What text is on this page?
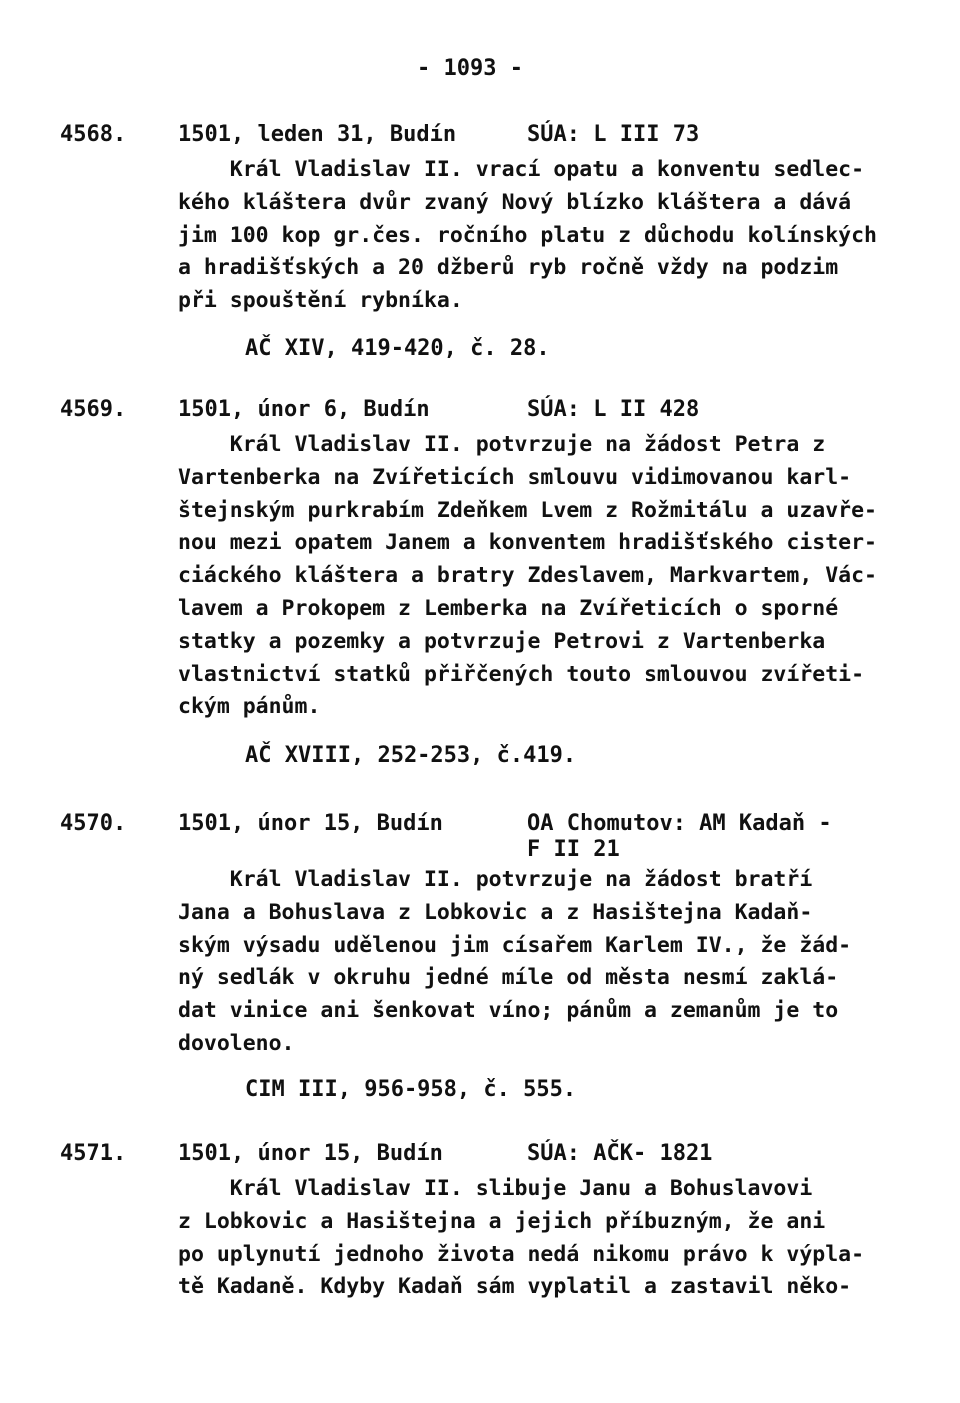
- 1093 -
4568. 1501, leden 31, Budín	SÚA: L III 73
Král Vladislav II. vrací opatu a konventu sedlec-
kého kláštera dvůr zvaný Nový blízko kláštera a dává
jim 100 kop gr.čes. ročního platu z důchodu kolínských
a hradišťských a 20 džberů ryb ročně vždy na podzim
při spouštění rybníka.
AČ XIV, 419-420, č. 28.
4569. 1501, únor 6, Budín	SÚA: L II 428
Král Vladislav II. potvrzuje na žádost Petra z
Vartenberka na Zvířeticích smlouvu vidimovanou karl-
štejnským purkrabím Zdeňkem Lvem z Rožmitálu a uzavře-
nou mezi opatem Janem a konventem hradišťského cister-
ciáckého kláštera a bratry Zdeslavem, Markvartem, Vác-
lavem a Prokopem z Lemberka na Zvířeticích o sporné
statky a pozemky a potvrzuje Petrovi z Vartenberka
vlastnictví statků přiřčených touto smlouvou zvířeti-
ckým pánům.
AČ XVIII, 252-253, č.419.
4570. 1501, únor 15, Budín	OA Chomutov: AM Kadaň -
F II 21
Král Vladislav II. potvrzuje na žádost bratří
Jana a Bohuslava z Lobkovic a z Hasištejna Kadaň-
ským výsadu udělenou jim císařem Karlem IV., že žád-
ný sedlák v okruhu jedné míle od města nesmí zaklá-
dat vinice ani šenkovat víno; pánům a zemanům je to
dovoleno.
CIM III, 956-958, č. 555.
4571. 1501, únor 15, Budín	SÚA: AČK- 1821
Král Vladislav II. slibuje Janu a Bohuslavovi
z Lobkovic a Hasištejna a jejich příbuzným, že ani
po uplynutí jednoho života nedá nikomu právo k výpla-
tě Kadaně. Kdyby Kadaň sám vyplatil a zastavil něko-
